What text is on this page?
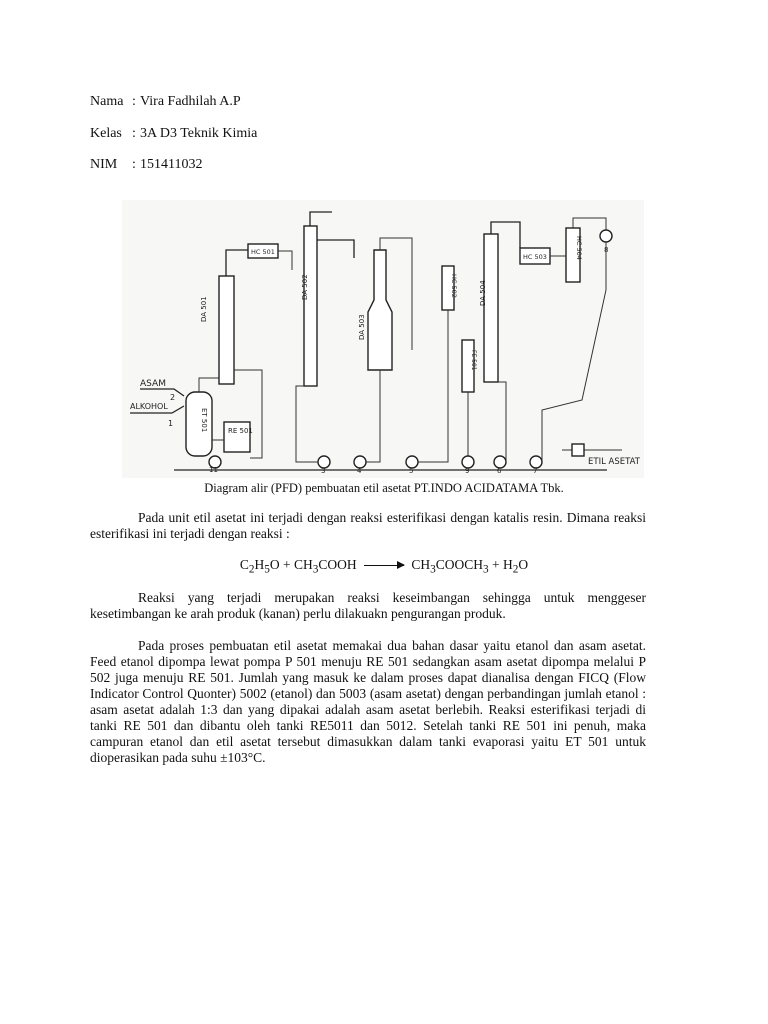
Nama : Vira Fadhilah A.P
Kelas : 3A D3 Teknik Kimia
NIM : 151411032
ASAM
ALKOHOL
2
1	ET 501	RE 501
11
DA 501
HC 501
DA 502
3
DA 503
4
HC 502
5
FE 501
9
DA 504
6
HC 503	HC 504	8
7
ETIL ASETAT
Diagram alir (PFD) pembuatan etil asetat PT.INDO ACIDATAMA Tbk.

Pada unit etil asetat ini terjadi dengan reaksi esterifikasi dengan katalis resin. Dimana reaksi esterifikasi ini terjadi dengan reaksi :

$C_2H_5O$ + $CH_3COOH$ → $CH_3COOCH_3 + H_2O$

Reaksi yang terjadi merupakan reaksi keseimbangan sehingga untuk menggeser kesetimbangan ke arah produk (kanan) perlu dilakuakn pengurangan produk.

Pada proses pembuatan etil asetat memakai dua bahan dasar yaitu etanol dan asam asetat. Feed etanol dipompa lewat pompa P 501 menuju RE 501 sedangkan asam asetat dipompa melalui P 502 juga menuju RE 501. Jumlah yang masuk ke dalam proses dapat dianalisa dengan FICQ (Flow Indicator Control Quonter) 5002 (etanol) dan 5003 (asam asetat) dengan perbandingan jumlah etanol : asam asetat adalah 1:3 dan yang dipakai adalah asam asetat berlebih. Reaksi esterifikasi terjadi di tanki RE 501 dan dibantu oleh tanki RE5011 dan 5012. Setelah tanki RE 501 ini penuh, maka campuran etanol dan etil asetat tersebut dimasukkan dalam tanki evaporasi yaitu ET 501 untuk dioperasikan pada suhu ±103°C.
